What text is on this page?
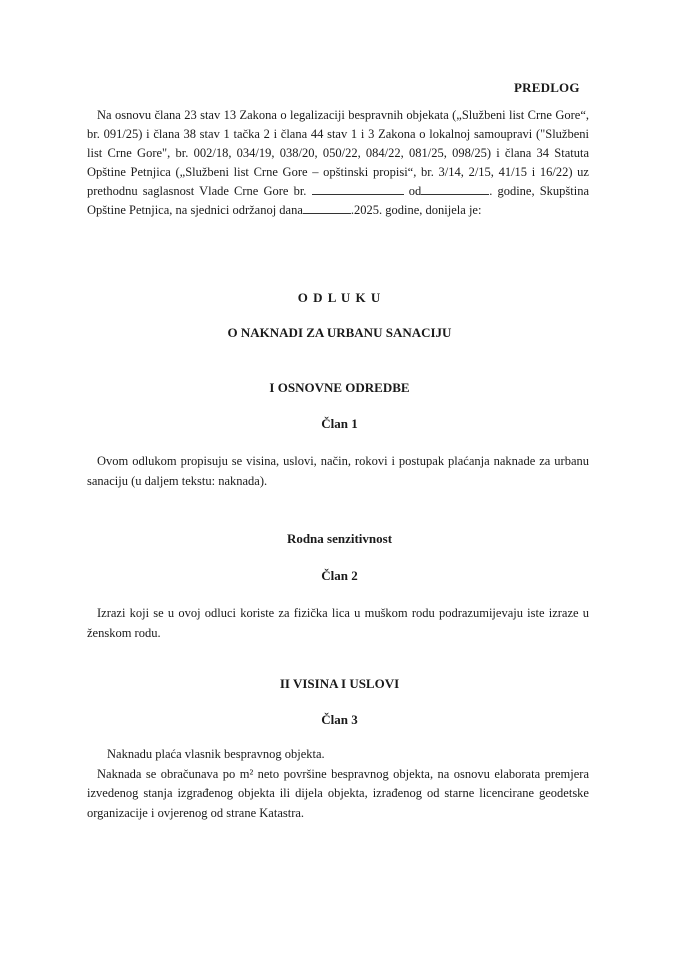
PREDLOG
Na osnovu člana 23 stav 13 Zakona o legalizaciji bespravnih objekata („Službeni list Crne Gore“, br. 091/25) i člana 38 stav 1 tačka 2 i člana 44 stav 1 i 3 Zakona o lokalnoj samoupravi ("Službeni list Crne Gore", br. 002/18, 034/19, 038/20, 050/22, 084/22, 081/25, 098/25) i člana 34 Statuta Opštine Petnjica („Službeni list Crne Gore – opštinski propisi“, br. 3/14, 2/15, 41/15 i 16/22) uz prethodnu saglasnost Vlade Crne Gore br.	od	. godine, Skupština Opštine Petnjica, na sjednici održanoj dana	.2025. godine, donijela je:
O D L U K U
O NAKNADI ZA URBANU SANACIJU
I OSNOVNE ODREDBE
Član 1

Ovom odlukom propisuju se visina, uslovi, način, rokovi i postupak plaćanja naknade za urbanu sanaciju (u daljem tekstu: naknada).

Rodna senzitivnost
Član 2

Izrazi koji se u ovoj odluci koriste za fizička lica u muškom rodu podrazumijevaju iste izraze u ženskom rodu.

II VISINA I USLOVI
Član 3

Naknadu plaća vlasnik bespravnog objekta.

Naknada se obračunava po m² neto površine bespravnog objekta, na osnovu elaborata premjera izvedenog stanja izgrađenog objekta ili dijela objekta, izrađenog od starne licencirane geodetske organizacije i ovjerenog od strane Katastra.
